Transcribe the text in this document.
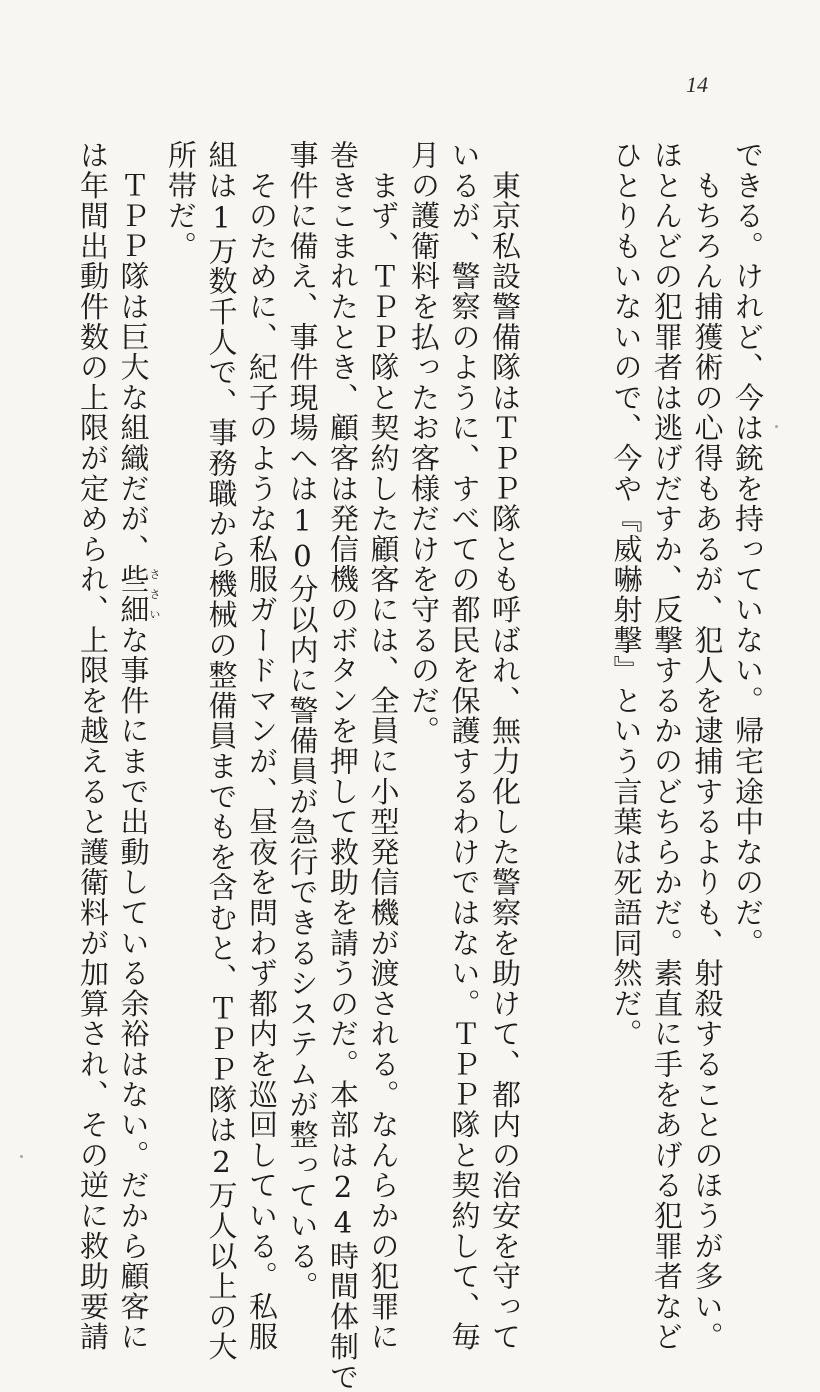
14
できる。けれど、今は銃を持っていない。帰宅途中なのだ。
　もちろん捕獲術の心得もあるが、犯人を逮捕するよりも、射殺することのほうが多い。
ほとんどの犯罪者は逃げだすか、反撃するかのどちらかだ。素直に手をあげる犯罪者など
ひとりもいないので、今や『威嚇射撃』という言葉は死語同然だ。
　東京私設警備隊はＴＰＰ隊とも呼ばれ、無力化した警察を助けて、都内の治安を守って
いるが、警察のように、すべての都民を保護するわけではない。ＴＰＰ隊と契約して、毎
月の護衛料を払ったお客様だけを守るのだ。
　まず、ＴＰＰ隊と契約した顧客には、全員に小型発信機が渡される。なんらかの犯罪に
巻きこまれたとき、顧客は発信機のボタンを押して救助を請うのだ。本部は24時間体制で
事件に備え、事件現場へは10分以内に警備員が急行できるシステムが整っている。
　そのために、紀子のような私服ガードマンが、昼夜を問わず都内を巡回している。私服
組は1万数千人で、事務職から機械の整備員までもを含むと、ＴＰＰ隊は2万人以上の大
所帯だ。
　ＴＰＰ隊は巨大な組織だが、些細ささいな事件にまで出動している余裕はない。だから顧客に
は年間出動件数の上限が定められ、上限を越えると護衛料が加算され、その逆に救助要請
